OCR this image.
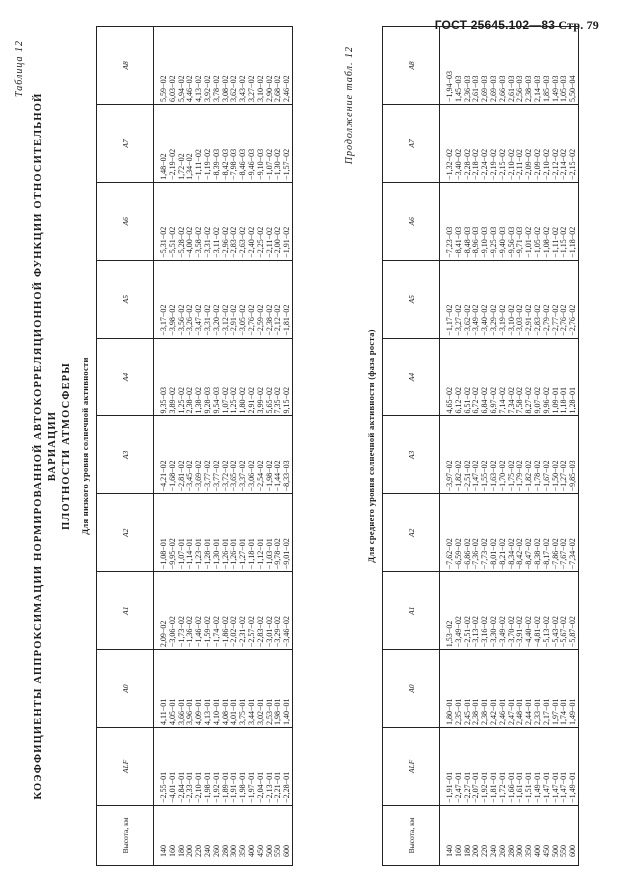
ГОСТ 25645.102—83 Стр. 79
Таблица 12
КОЭФФИЦИЕНТЫ АППРОКСИМАЦИИ НОРМИРОВАННОЙ АВТОКОРРЕЛЯЦИОННОЙ ФУНКЦИИ ОТНОСИТЕЛЬНОЙ ВАРИАЦИИ ПЛОТНОСТИ АТМОСФЕРЫ Для низкого уровня солнечной активности
Высота, км	ALF	A0	A1	A2	A3	A4	A5	A6	A7	A8
140	−2,55−01	4,11−01	2,09−02	−1,08−01	−4,21−02	9,35−03	−3,17−02	−5,31−02	1,48−02	5,59−02
160	−4,01−01	4,05−01	−3,06−02	−9,95−02	−1,68−02	3,89−02	−3,98−02	−5,51−02	−2,19−02	6,03−02
180	−2,84−01	3,66−01	−1,73−02	−1,07−01	−2,81−02	1,25−02	−3,56−02	−5,28−02	1,72−02	5,94−02
200	−2,33−01	3,96−01	−1,36−02	−1,14−01	−3,45−02	2,38−02	−3,26−02	−4,00−02	1,34−02	4,46−02
220	−2,10−01	4,09−01	−1,46−02	−1,23−01	−3,69−02	1,38−02	−3,47−02	−3,58−02	−1,11−02	4,13−02
240	−1,98−01	4,13−01	−1,59−02	−1,28−01	−3,77−02	9,28−03	−3,31−02	−3,31−02	−1,19−02	3,92−02
260	−1,92−01	4,10−01	−1,74−02	−1,30−01	−3,77−02	9,54−03	−3,20−02	−3,11−02	−8,39−03	3,78−02
280	−1,89−01	4,08−01	−1,86−02	−1,26−01	−3,72−02	1,07−02	−3,12−02	−2,96−02	−8,42−03	3,08−02
300	−1,91−01	4,01−01	−2,02−02	−1,26−01	−3,65−02	1,25−02	−2,91−02	−2,83−02	−7,98−03	3,62−02
350	−1,98−01	3,75−01	−2,31−02	−1,27−01	−3,37−02	1,80−02	−3,05−02	−2,63−02	−8,46−03	3,43−02
400	−1,97−01	3,44−01	−2,57−02	−1,18−01	−3,06−02	2,91−02	−2,76−02	−2,40−02	−9,46−03	3,27−02
450	−2,04−01	3,02−01	−2,83−02	−1,12−01	−2,54−02	3,99−02	−2,59−02	−2,25−02	−9,10−03	3,10−02
500	−2,13−01	2,53−01	−3,01−02	−1,03−01	−1,98−02	5,65−02	−2,38−02	−2,11−02	−1,07−02	2,90−02
550	−2,21−01	1,98−01	−3,29−02	−9,78−02	−1,44−02	7,35−02	−2,12−02	−2,00−02	−1,30−02	2,68−02
600	−2,28−01	1,40−01	−3,46−02	−9,01−02	−8,33−03	9,15−02	−1,81−02	−1,91−02	−1,57−02	2,46−02	Продолжение табл. 12
Для среднего уровня солнечной активности (фаза роста)
Высота, км	ALF	A0	A1	A2	A3	A4	A5	A6	A7	A8
140	−1,91−01	1,80−01	1,53−02	−7,62−02	−3,97−02	4,65−02	−1,17−02	−7,23−03	−1,32−02	−1,94−03
160	−2,47−01	2,35−01	−3,49−02	−6,59−02	−1,82−02	6,12−02	−3,27−02	−8,41−03	−3,40−02	1,45−03
180	−2,27−01	2,45−01	−2,51−02	−6,86−02	−2,51−02	6,51−02	−3,62−02	−8,48−03	−2,28−02	2,36−03
200	−2,07−01	2,38−01	−3,13−02	−7,36−02	−1,47−02	6,72−02	−3,49−02	−8,96−03	−2,18−02	2,61−03
220	−1,92−01	2,38−01	−3,16−02	−7,73−02	−1,55−02	6,84−02	−3,40−02	−9,10−03	−2,24−02	2,69−03
240	−1,81−01	2,42−01	−3,30−02	−8,01−02	−1,63−02	6,97−02	−3,29−02	−9,25−03	−2,19−02	2,69−03
260	−1,72−01	2,46−01	−3,49−02	−8,21−02	−1,70−02	7,14−02	−3,19−02	−9,40−03	−2,15−02	2,66−03
280	−1,66−01	2,47−01	−3,70−02	−8,34−02	−1,75−02	7,34−02	−3,10−02	−9,56−03	−2,10−02	2,61−03
300	−1,61−01	2,48−01	−3,91−02	−8,42−02	−1,79−02	7,58−02	−3,03−02	−9,71−03	−2,11−02	2,56−03
350	−1,51−01	2,44−01	−4,40−02	−8,47−02	−1,82−02	8,27−02	−2,91−02	−1,01−02	−2,09−02	2,38−03
400	−1,49−01	2,33−01	−4,81−02	−8,38−02	−1,78−02	9,07−02	−2,83−02	−1,05−02	−2,09−02	2,14−03
450	−1,47−01	2,17−01	−5,13−02	−8,17−02	−1,67−02	9,96−02	−2,79−02	−1,08−02	−2,10−02	1,85−03
500	−1,47−01	1,97−01	−5,43−02	−7,86−02	−1,50−02	1,09−01	−2,77−02	−1,11−02	−2,12−02	1,49−03
550	−1,47−01	1,74−01	−5,67−02	−7,67−02	−1,27−02	1,18−01	−2,76−02	−1,15−02	−2,14−02	1,05−03
600	−1,49−01	1,49−01	−5,87−02	−7,34−02	−9,85−03	1,28−01	−2,76−02	−1,18−02	−2,15−02	5,50−04
